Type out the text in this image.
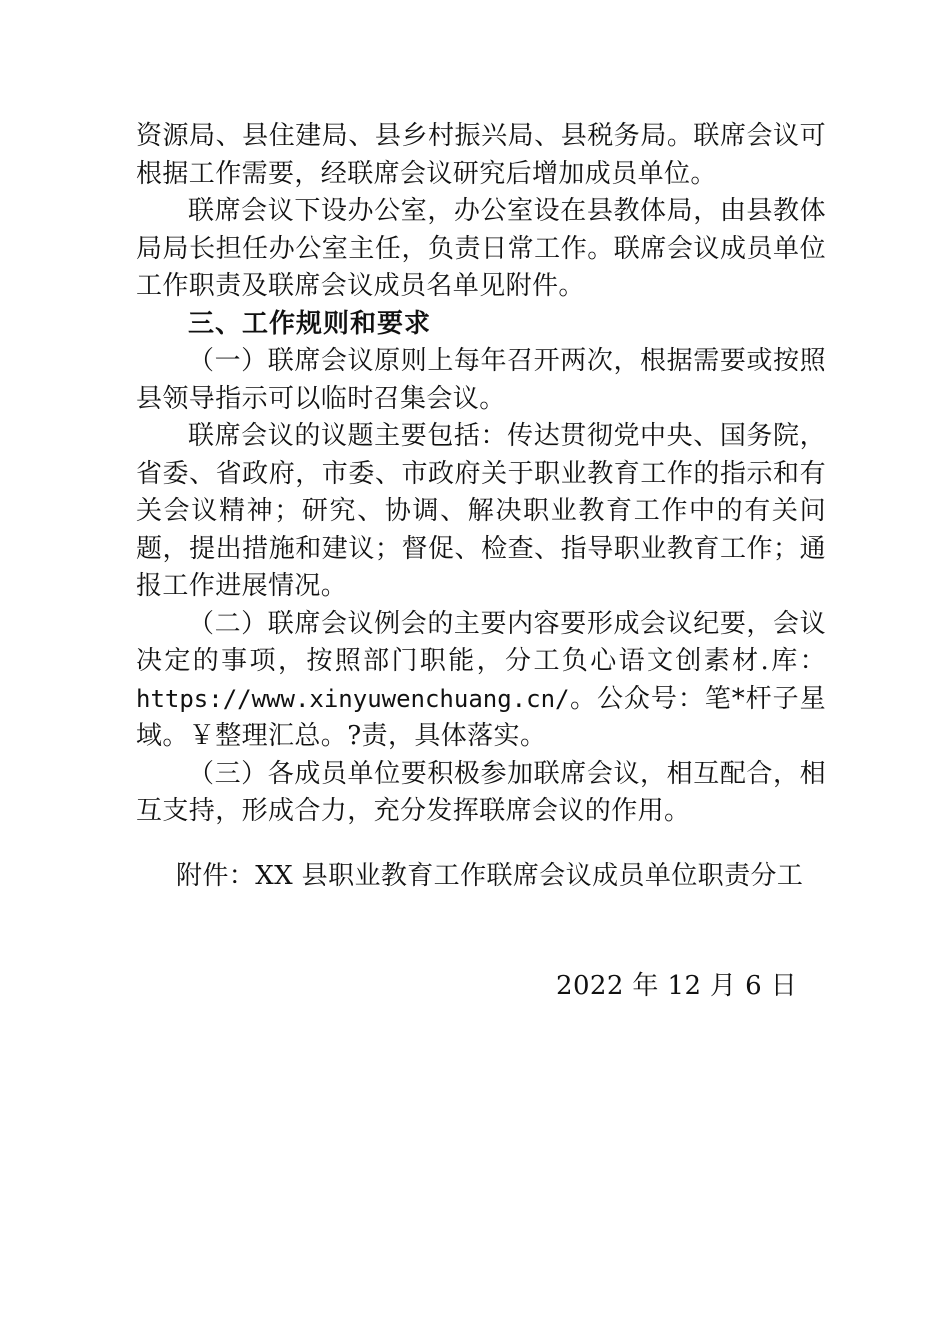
资源局、县住建局、县乡村振兴局、县税务局。联席会议可根据工作需要，经联席会议研究后增加成员单位。

联席会议下设办公室，办公室设在县教体局，由县教体局局长担任办公室主任，负责日常工作。联席会议成员单位工作职责及联席会议成员名单见附件。

三、工作规则和要求

（一）联席会议原则上每年召开两次，根据需要或按照县领导指示可以临时召集会议。

联席会议的议题主要包括：传达贯彻党中央、国务院，省委、省政府，市委、市政府关于职业教育工作的指示和有关会议精神；研究、协调、解决职业教育工作中的有关问题，提出措施和建议；督促、检查、指导职业教育工作；通报工作进展情况。

（二）联席会议例会的主要内容要形成会议纪要，会议决定的事项，按照部门职能，分工负心语文创素材.库：https://www.xinyuwenchuang.cn/。公众号：笔*杆子星域。￥整理汇总。?责，具体落实。

（三）各成员单位要积极参加联席会议，相互配合，相互支持，形成合力，充分发挥联席会议的作用。

附件：XX 县职业教育工作联席会议成员单位职责分工
2022 年 12 月 6 日
